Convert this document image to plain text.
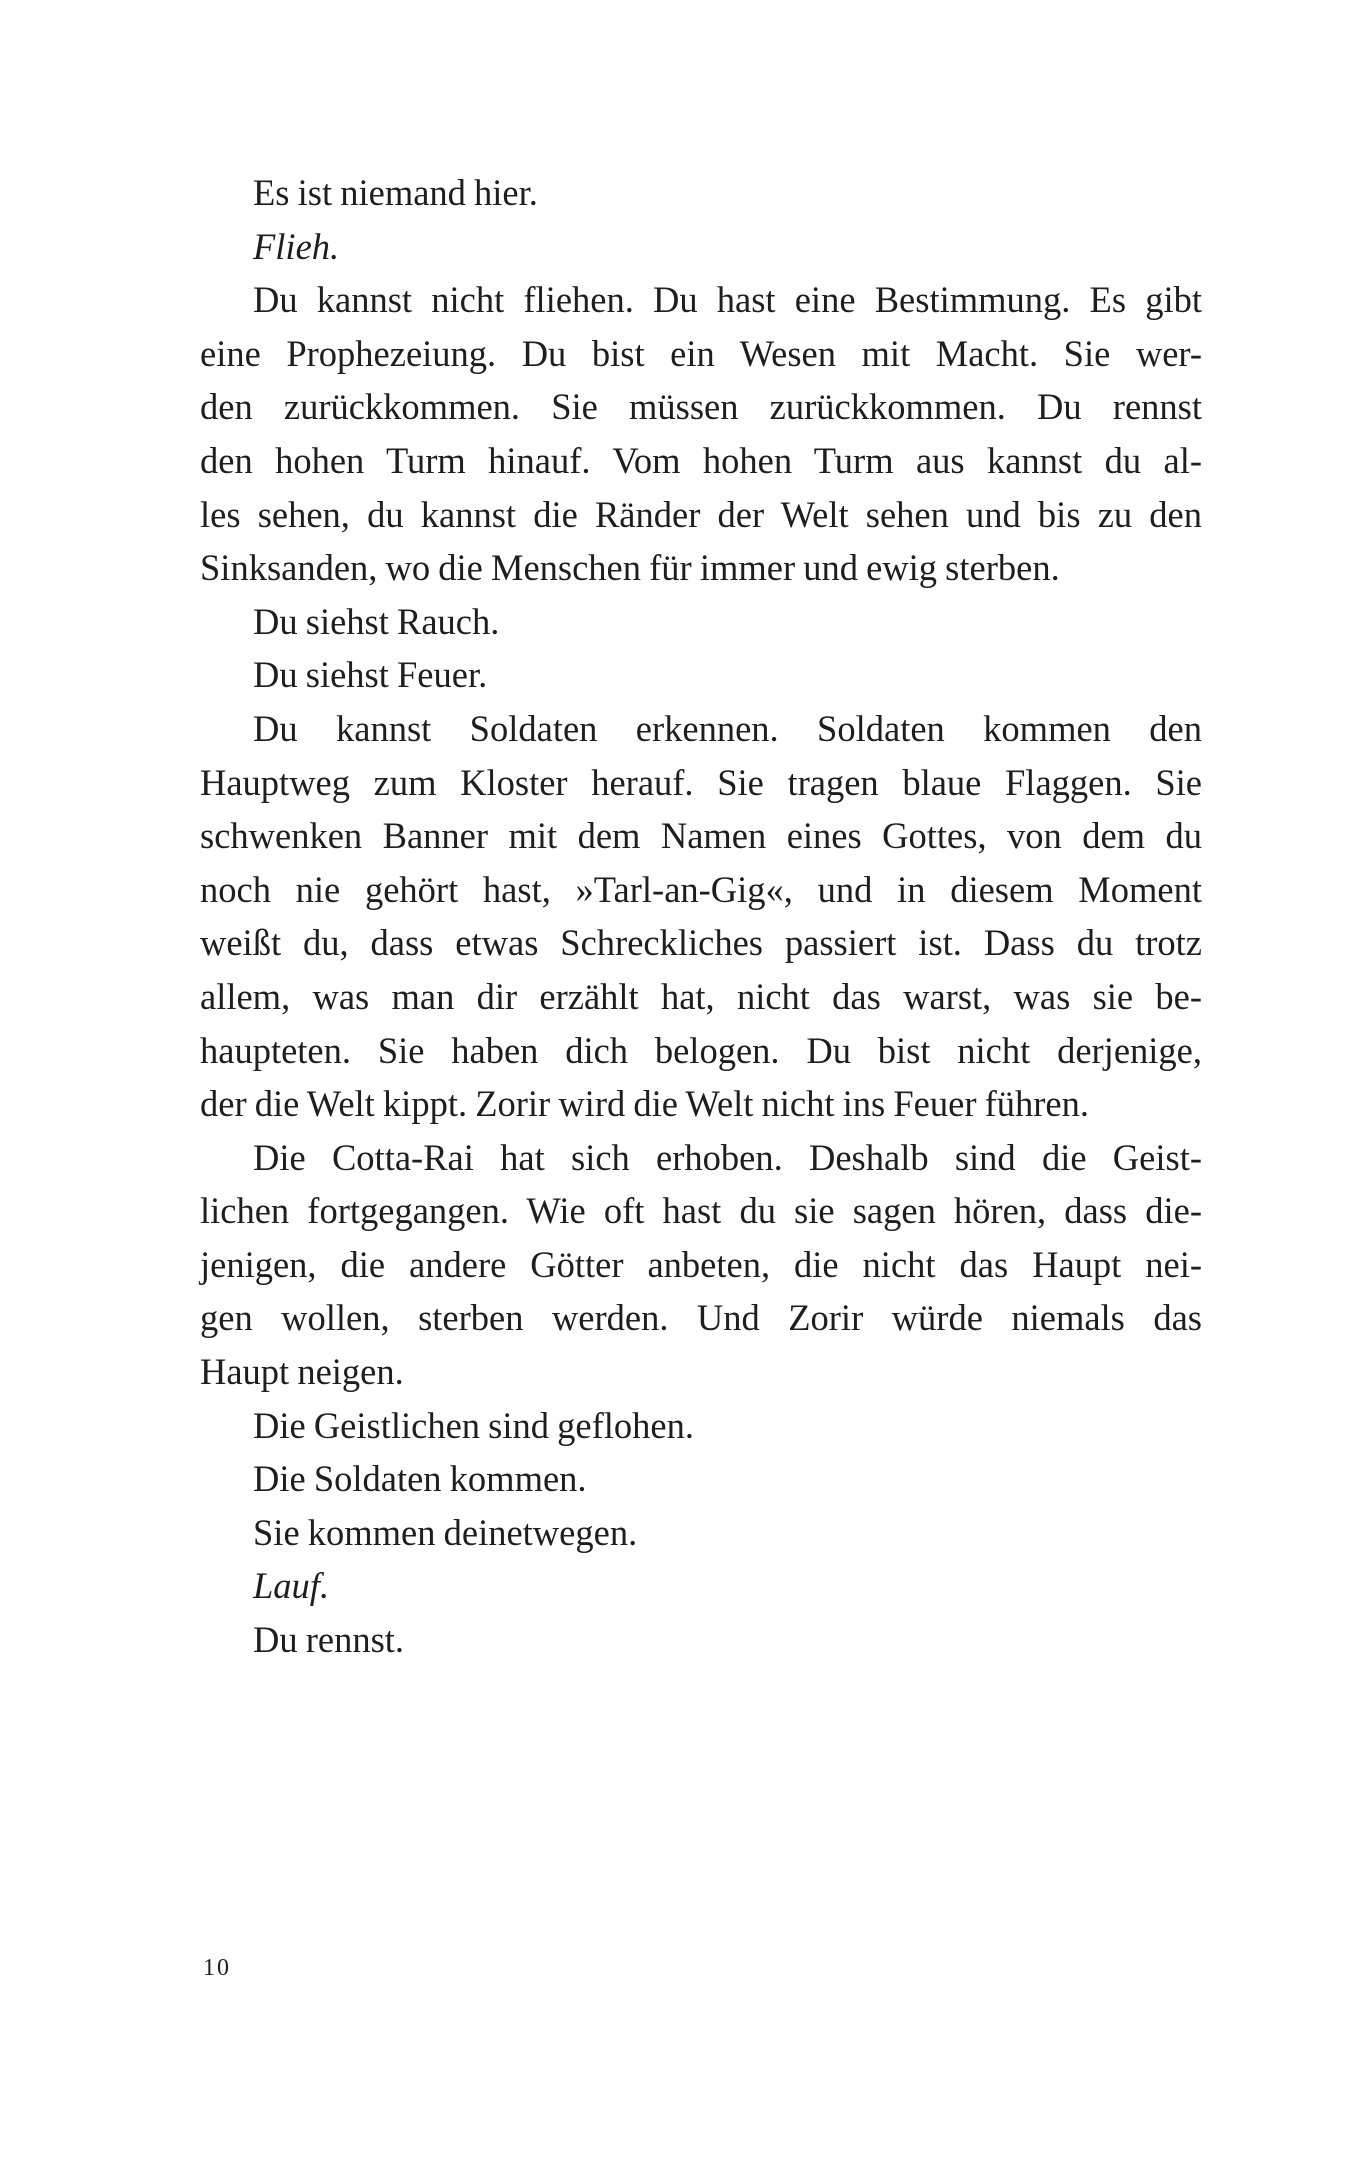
Es ist niemand hier.
Flieh.
Du kannst nicht fliehen. Du hast eine Bestimmung. Es gibt
eine Prophezeiung. Du bist ein Wesen mit Macht. Sie wer-
den zurückkommen. Sie müssen zurückkommen. Du rennst
den hohen Turm hinauf. Vom hohen Turm aus kannst du al-
les sehen, du kannst die Ränder der Welt sehen und bis zu den
Sinksanden, wo die Menschen für immer und ewig sterben.
Du siehst Rauch.
Du siehst Feuer.
Du kannst Soldaten erkennen. Soldaten kommen den
Hauptweg zum Kloster herauf. Sie tragen blaue Flaggen. Sie
schwenken Banner mit dem Namen eines Gottes, von dem du
noch nie gehört hast, »Tarl-an-Gig«, und in diesem Moment
weißt du, dass etwas Schreckliches passiert ist. Dass du trotz
allem, was man dir erzählt hat, nicht das warst, was sie be-
haupteten. Sie haben dich belogen. Du bist nicht derjenige,
der die Welt kippt. Zorir wird die Welt nicht ins Feuer führen.
Die Cotta-Rai hat sich erhoben. Deshalb sind die Geist-
lichen fortgegangen. Wie oft hast du sie sagen hören, dass die-
jenigen, die andere Götter anbeten, die nicht das Haupt nei-
gen wollen, sterben werden. Und Zorir würde niemals das
Haupt neigen.
Die Geistlichen sind geflohen.
Die Soldaten kommen.
Sie kommen deinetwegen.
Lauf.
Du rennst.
10
